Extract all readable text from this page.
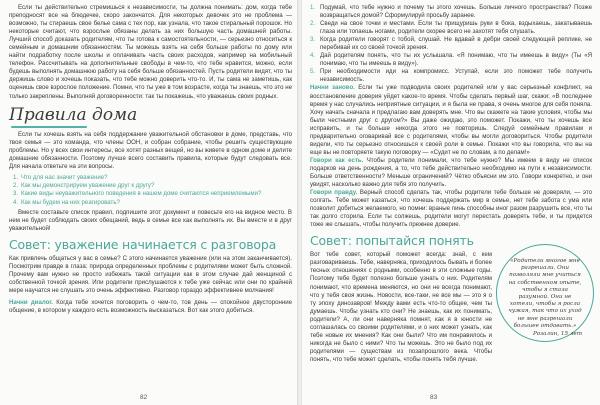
Если ты действительно стремишься к независимости, ты должна понимать: дом, когда тебе преподносят все на блюдечке, скоро закончатся. Для некоторых девочек это не проблема — возможно, ты стираешь свое белье сама с тех пор, как узнала, что такое стиральный порошок. Но некоторые считают, что взрослые обязаны делать за них большую часть домашней работы. Лучший способ доказать родителям, что ты готова к самостоятельности, — серьезно относиться к семейным и домашним обязанностям. Ты можешь взять на себя больше работы по дому или найти подработку после школы и оплачивать часть своих расходов, например на мобильный телефон. Рассчитывать на дополнительные свободы в чем-то, что тебе нравится, можно, если будешь выполнять домашнюю работу на себя больше обязанностей. Пусть родители видят, что ты держишь слово и хочешь показать, что тебе можно доверить что-то. И, ты сама не заметишь, как оценишь свое взрослое положение. Помни, что ты уже в том возрасте, когда ты знаешь, что это не только закреплены. Выполняй договоренности: так ты покажешь, что уважаешь своих родных.

Правила дома

Если ты хочешь взять на себя поддержание уважительной обстановки в доме, представь, что твоя семья — это команда, что члены ООН, и собран собрание, чтобы решить существующие проблемы. Но у всех свои интересы, все хотят разных вещей, но вы живете в одном доме и делите домашние обязанности. Поэтому лучше всего составить правила, которые будут следовать все. Для начала ответьте на эти вопросы.

1. Что для нас значит уважение?
2. Как мы демонстрируем уважение друг к другу?
3. Какие виды неуважительного поведения в нашем доме считаются неприемлемыми?
4. Как мы будем на них реагировать?

Вместе составьте список правил, подпишите этот документ и повесьте его на видное место. В нем не будет соблюдать своих обещаний, ведь в семье все как выполнять их. Вы вместе и в друг уважительной!

Совет: уважение начинается с разговора

Как привлечь общаться у вас в семье? С этого начинается уважение (или на этом заканчивается). Посмотрим правде в глаза: природа определенных проблемы с родителями может быть сложной. Прочему вам нужно не просто избежать такой ситуации как в этом случае дай женщиной с собственной точкой зрения. Или родители прислушаются к тебе уже сейчас или они по крайней мере научатся не слушать это очень эффективно. Разговор гораздо эффективнее молчания!

Начни диалог. Когда тебе хочется поговорить о чем-то, тов день — спокойное двусторонние общение, в котором у каждого есть возможность высказаться. Вот как этого добиться.

82
1. Подумай, что тебе нужно и почему ты этого хочешь. Больше личного пространства? Позже возвращаться домой? Сформулируй просьбу заранее.
2. Сведи на свое точки и местами. Если ты прищуришь руки в бока, вздыхаешь, закатываешь глаза или топаешь ногами, родители скорее всего не захотят тебя слушать.
3. Когда родители говорят с тобой, слушай. Не вдавай в дебри своей следующей реплике, не перебивай их со своей точкой зрения.
4. Дай родителям понять, что ты их услышала. «Я понимаю, что ты имеешь в виду» (Ты «Я понимаю, что ты имеешь в виду»).
5. При необходимости иди на компромисс. Уступай, если это поможет тебе получить независимость.

Начни заново. Если ты уже подводила своих родителей или у вас серьезный конфликт, на восстановление доверия уйдет какое-то время. Чтобы сделать первый шаг, скажи: «В последнее время у нас случались неприятные ситуации, и я была не права, я очень многое для себя поняла. Хочу начать сначала и предлагаю вам доверять мне. Что вы скажете на такие условия, чтобы мы были честными друг с другом?» Вы даже ожидаю, это поможет. Покажи, что ты хочешь все исправить, и ты больше никогда этого не повторишь. Следуй семейным правилам и предварительно оговаривай все с родителями, чтобы вы могли договориться. Чтобы родители видели, что ты серьезно относишься к своей роли в семье. Покажи что вы говорила, что вы на еще вы не повторяете такую поговорку — «Судит не по словам, а по делам!»

Говори как есть. Чтобы родители понимали, что тебе нужно? Мы имеем в виду не список подарков на день рождения, а то, что тебе действительно необходимо на пути к независимости. Больше ответственности? Меньше ограничений? Чётко объясни им это. Говори конкретно, и они увидят, насколько важно для тебя это получить.

Говори правду. Верный способ сделать так, чтобы родители тебе больше не доверяли, — это солгать. Тебе может казаться, что хочешь поддержать мир в семье, нет тебе забота с ума или позволит добиться желаемого, но помни: враные пинь способны иног разом разрушить все, что ты так долго сторила. Если ты солжешь, родители могут перестать доверять тебе, и ты придется тоже же слышать, чтобы получить прежнее доверие.

Совет: попытайся понять

Вот тебе совет, который поможет всегда: знай, с кем разговариваешь. Тебе, наверняка, приходилось бывать и более тесных отношениях с родными, особенно в эти сложные годы. Поэтому тебе будет полезно больше узнать о них. Родителям понимают, что времена меняются, но они не всегда понимают, что у тебя своя жизнь. Новости, все-таки, не все мы — это я о ту эпоху динозавров! Между вами есть что-то общее, чем ты думаешь. Чтобы узнать кто они? Не знаешь, как их понимать, родители? А, ли они наверняка помнят, как я в юности не соглашалась со своими родителями, и о них может узнать, как тебе новые их мнения? Как они были? Что им понравилось и никогда не было с ними? Что ты можешь. Это не было под их родителями — существам из позапрошлого века. Чтобы понять, что тебе может сделать, чтобы понять тебя лучше.

«Родители многое мне разрешали. Они позволяли мне учиться на собственном опыте, чтобы я стала разумной. Они не хотели, чтобы я росла чужая, так что их уход не мне разрешали большее отдавать.»
Розалин, 15 лет
83
